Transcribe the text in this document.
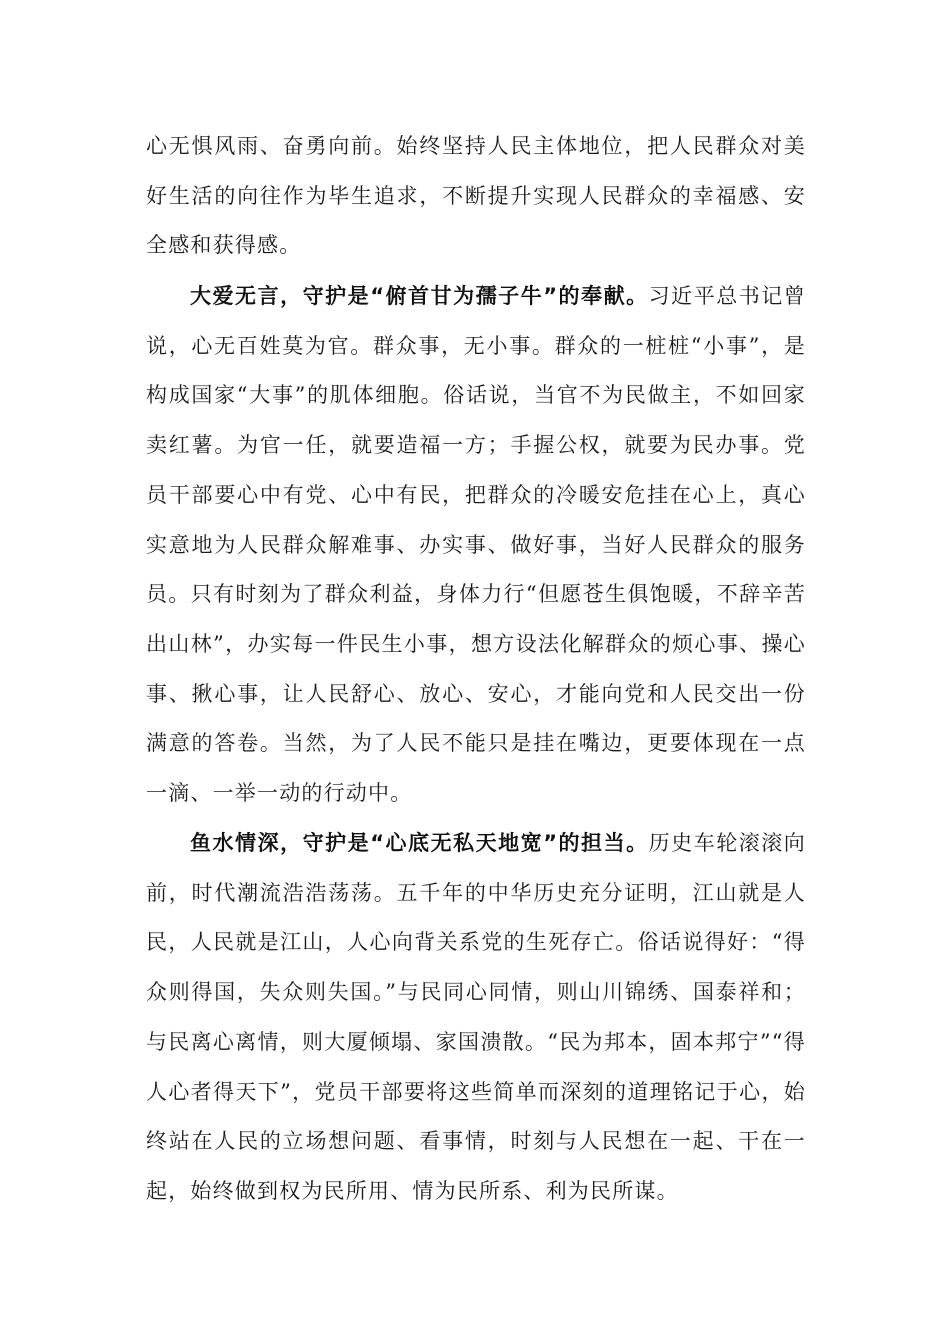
心无惧风雨、奋勇向前。始终坚持人民主体地位，把人民群众对美好生活的向往作为毕生追求，不断提升实现人民群众的幸福感、安全感和获得感。

大爱无言，守护是“俯首甘为孺子牛”的奉献。习近平总书记曾说，心无百姓莫为官。群众事，无小事。群众的一桩桩“小事”，是构成国家“大事”的肌体细胞。俗话说，当官不为民做主，不如回家卖红薯。为官一任，就要造福一方；手握公权，就要为民办事。党员干部要心中有党、心中有民，把群众的冷暖安危挂在心上，真心实意地为人民群众解难事、办实事、做好事，当好人民群众的服务员。只有时刻为了群众利益，身体力行“但愿苍生俱饱暖，不辞辛苦出山林”，办实每一件民生小事，想方设法化解群众的烦心事、操心事、揪心事，让人民舒心、放心、安心，才能向党和人民交出一份满意的答卷。当然，为了人民不能只是挂在嘴边，更要体现在一点一滴、一举一动的行动中。

鱼水情深，守护是“心底无私天地宽”的担当。历史车轮滚滚向前，时代潮流浩浩荡荡。五千年的中华历史充分证明，江山就是人民，人民就是江山，人心向背关系党的生死存亡。俗话说得好：“得众则得国，失众则失国。”与民同心同情，则山川锦绣、国泰祥和；与民离心离情，则大厦倾塌、家国溃散。“民为邦本，固本邦宁”“得人心者得天下”，党员干部要将这些简单而深刻的道理铭记于心，始终站在人民的立场想问题、看事情，时刻与人民想在一起、干在一起，始终做到权为民所用、情为民所系、利为民所谋。
